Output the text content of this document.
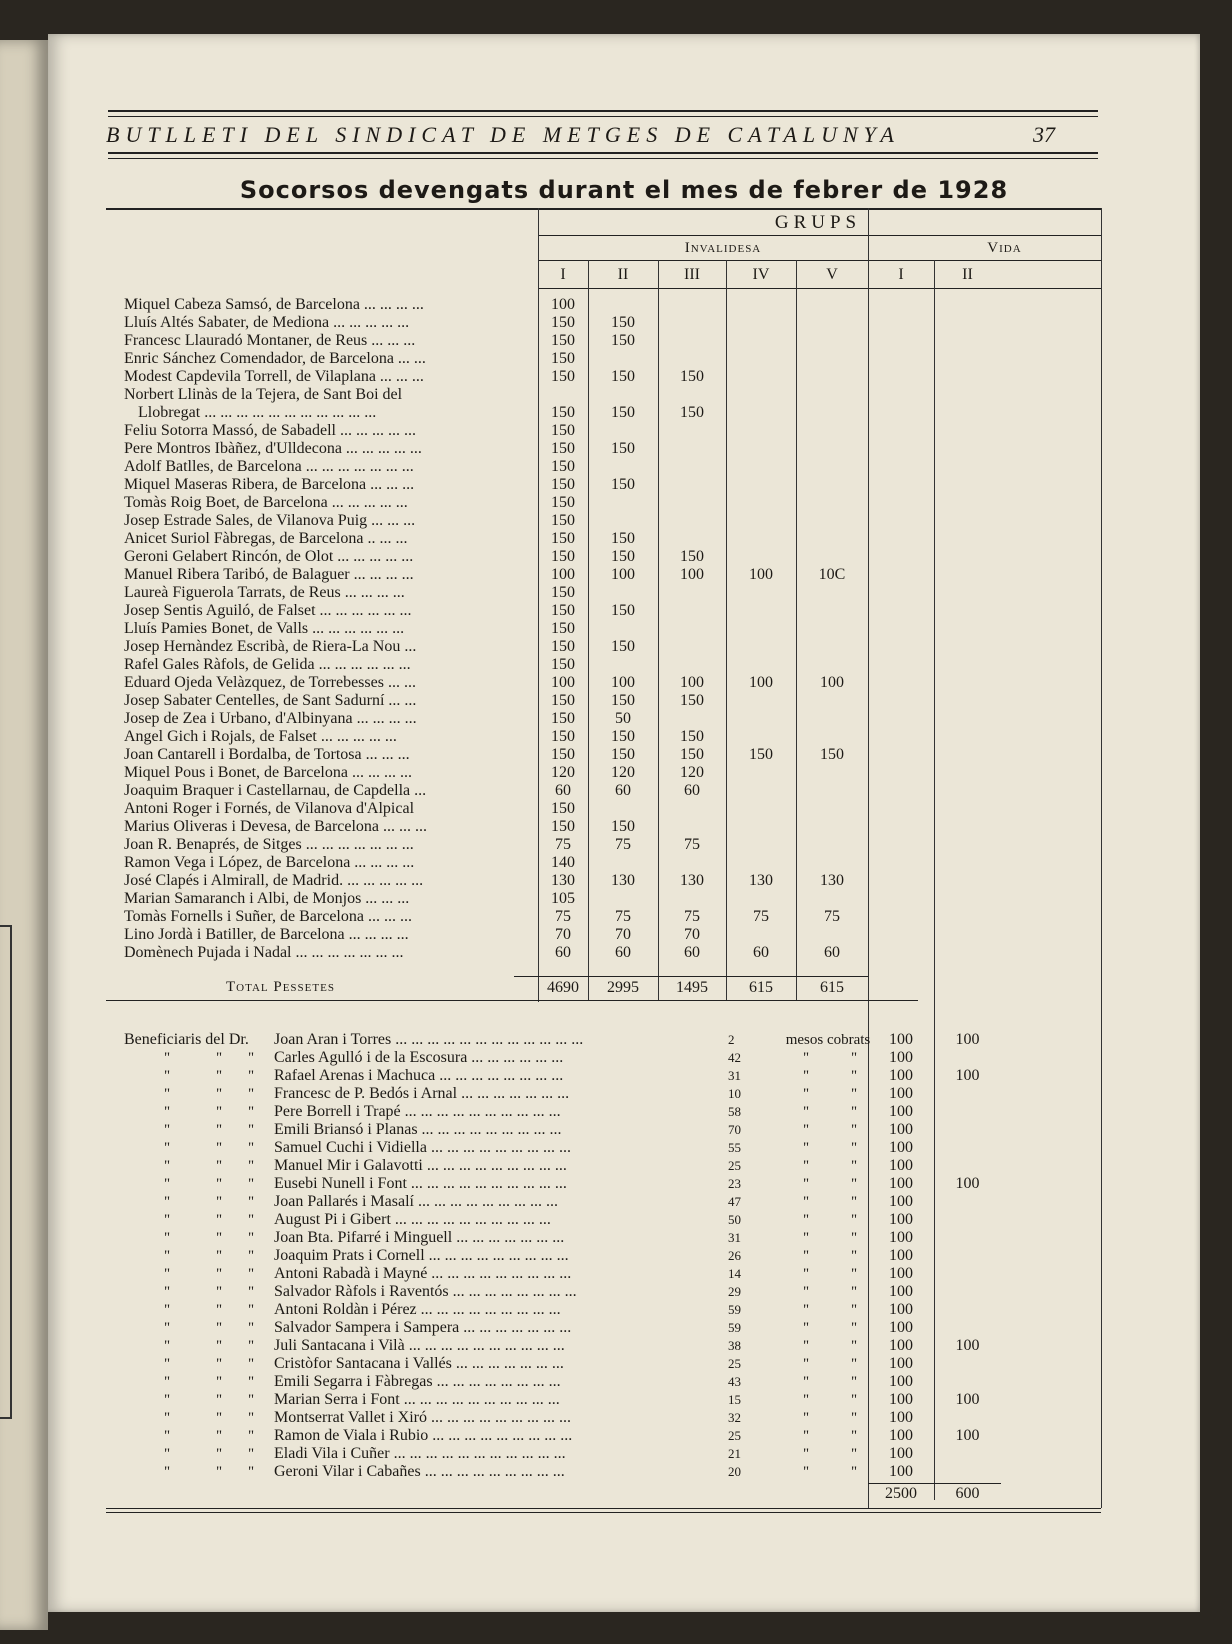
BUTLLETI DEL SINDICAT DE METGES DE CATALUNYA	37
Socorsos devengats durant el mes de febrer de 1928
GRUPS
Invalidesa	Vida
I	II	III	IV	V	I	II
Miquel Cabeza Samsó, de Barcelona ... ... ... ...	100
Lluís Altés Sabater, de Mediona ... ... ... ... ...	150	150
Francesc Llauradó Montaner, de Reus ... ... ...	150	150
Enric Sánchez Comendador, de Barcelona ... ...	150
Modest Capdevila Torrell, de Vilaplana ... ... ...	150	150	150
Norbert Llinàs de la Tejera, de Sant Boi del
Llobregat ... ... ... ... ... ... ... ... ... ... ...	150	150	150
Feliu Sotorra Massó, de Sabadell ... ... ... ... ...	150
Pere Montros Ibàñez, d'Ulldecona ... ... ... ... ...	150	150
Adolf Batlles, de Barcelona ... ... ... ... ... ... ...	150
Miquel Maseras Ribera, de Barcelona ... ... ...	150	150
Tomàs Roig Boet, de Barcelona ... ... ... ... ...	150
Josep Estrade Sales, de Vilanova Puig ... ... ...	150
Anicet Suriol Fàbregas, de Barcelona .. ... ...	150	150
Geroni Gelabert Rincón, de Olot ... ... ... ... ...	150	150	150
Manuel Ribera Taribó, de Balaguer ... ... ... ...	100	100	100	100	10C
Laureà Figuerola Tarrats, de Reus ... ... ... ...	150
Josep Sentis Aguiló, de Falset ... ... ... ... ... ...	150	150
Lluís Pamies Bonet, de Valls ... ... ... ... ... ...	150
Josep Hernàndez Escribà, de Riera-La Nou ...	150	150
Rafel Gales Ràfols, de Gelida ... ... ... ... ... ...	150
Eduard Ojeda Velàzquez, de Torrebesses ... ...	100	100	100	100	100
Josep Sabater Centelles, de Sant Sadurní ... ...	150	150	150
Josep de Zea i Urbano, d'Albinyana ... ... ... ...	150	50
Angel Gich i Rojals, de Falset ... ... ... ... ...	150	150	150
Joan Cantarell i Bordalba, de Tortosa ... ... ...	150	150	150	150	150
Miquel Pous i Bonet, de Barcelona ... ... ... ...	120	120	120
Joaquim Braquer i Castellarnau, de Capdella ...	60	60	60
Antoni Roger i Fornés, de Vilanova d'Alpical	150
Marius Oliveras i Devesa, de Barcelona ... ... ...	150	150
Joan R. Benaprés, de Sitges ... ... ... ... ... ... ...	75	75	75
Ramon Vega i López, de Barcelona ... ... ... ...	140
José Clapés i Almirall, de Madrid. ... ... ... ... ...	130	130	130	130	130
Marian Samaranch i Albi, de Monjos ... ... ...	105
Tomàs Fornells i Suñer, de Barcelona ... ... ...	75	75	75	75	75
Lino Jordà i Batiller, de Barcelona ... ... ... ...	70	70	70
Domènech Pujada i Nadal ... ... ... ... ... ... ...	60	60	60	60	60
Total Pessetes	4690	2995	1495	615	615
Beneficiaris del Dr. Joan Aran i Torres ... ... ... ... ... ... ... ... ... ... ... ...	2	mesos cobrats	100	100
"	" " Carles Agulló i de la Escosura ... ... ... ... ... ...	42	"	"	100
"	" " Rafael Arenas i Machuca ... ... ... ... ... ... ... ...	31	"	"	100	100
"	" " Francesc de P. Bedós i Arnal ... ... ... ... ... ... ...	10	"	"	100
"	" " Pere Borrell i Trapé ... ... ... ... ... ... ... ... ... ...	58	"	"	100
"	" " Emili Briansó i Planas ... ... ... ... ... ... ... ... ...	70	"	"	100
"	" " Samuel Cuchi i Vidiella ... ... ... ... ... ... ... ... ...	55	"	"	100
"	" " Manuel Mir i Galavotti ... ... ... ... ... ... ... ... ...	25	"	"	100
"	" " Eusebi Nunell i Font ... ... ... ... ... ... ... ... ... ...	23	"	"	100	100
"	" " Joan Pallarés i Masalí ... ... ... ... ... ... ... ... ...	47	"	"	100
"	" " August Pi i Gibert ... ... ... ... ... ... ... ... ... ...	50	"	"	100
"	" " Joan Bta. Pifarré i Minguell ... ... ... ... ... ... ...	31	"	"	100
"	" " Joaquim Prats i Cornell ... ... ... ... ... ... ... ... ...	26	"	"	100
"	" " Antoni Rabadà i Mayné ... ... ... ... ... ... ... ... ...	14	"	"	100
"	" " Salvador Ràfols i Raventós ... ... ... ... ... ... ... ...	29	"	"	100
"	" " Antoni Roldàn i Pérez ... ... ... ... ... ... ... ... ...	59	"	"	100
"	" " Salvador Sampera i Sampera ... ... ... ... ... ... ...	59	"	"	100
"	" " Juli Santacana i Vilà ... ... ... ... ... ... ... ... ... ...	38	"	"	100	100
"	" " Cristòfor Santacana i Vallés ... ... ... ... ... ... ...	25	"	"	100
"	" " Emili Segarra i Fàbregas ... ... ... ... ... ... ... ...	43	"	"	100
"	" " Marian Serra i Font ... ... ... ... ... ... ... ... ... ...	15	"	"	100	100
"	" " Montserrat Vallet i Xiró ... ... ... ... ... ... ... ... ...	32	"	"	100
"	" " Ramon de Viala i Rubio ... ... ... ... ... ... ... ... ...	25	"	"	100	100
"	" " Eladi Vila i Cuñer ... ... ... ... ... ... ... ... ... ... ...	21	"	"	100
"	" " Geroni Vilar i Cabañes ... ... ... ... ... ... ... ... ...	20	"	"	100
2500	600
